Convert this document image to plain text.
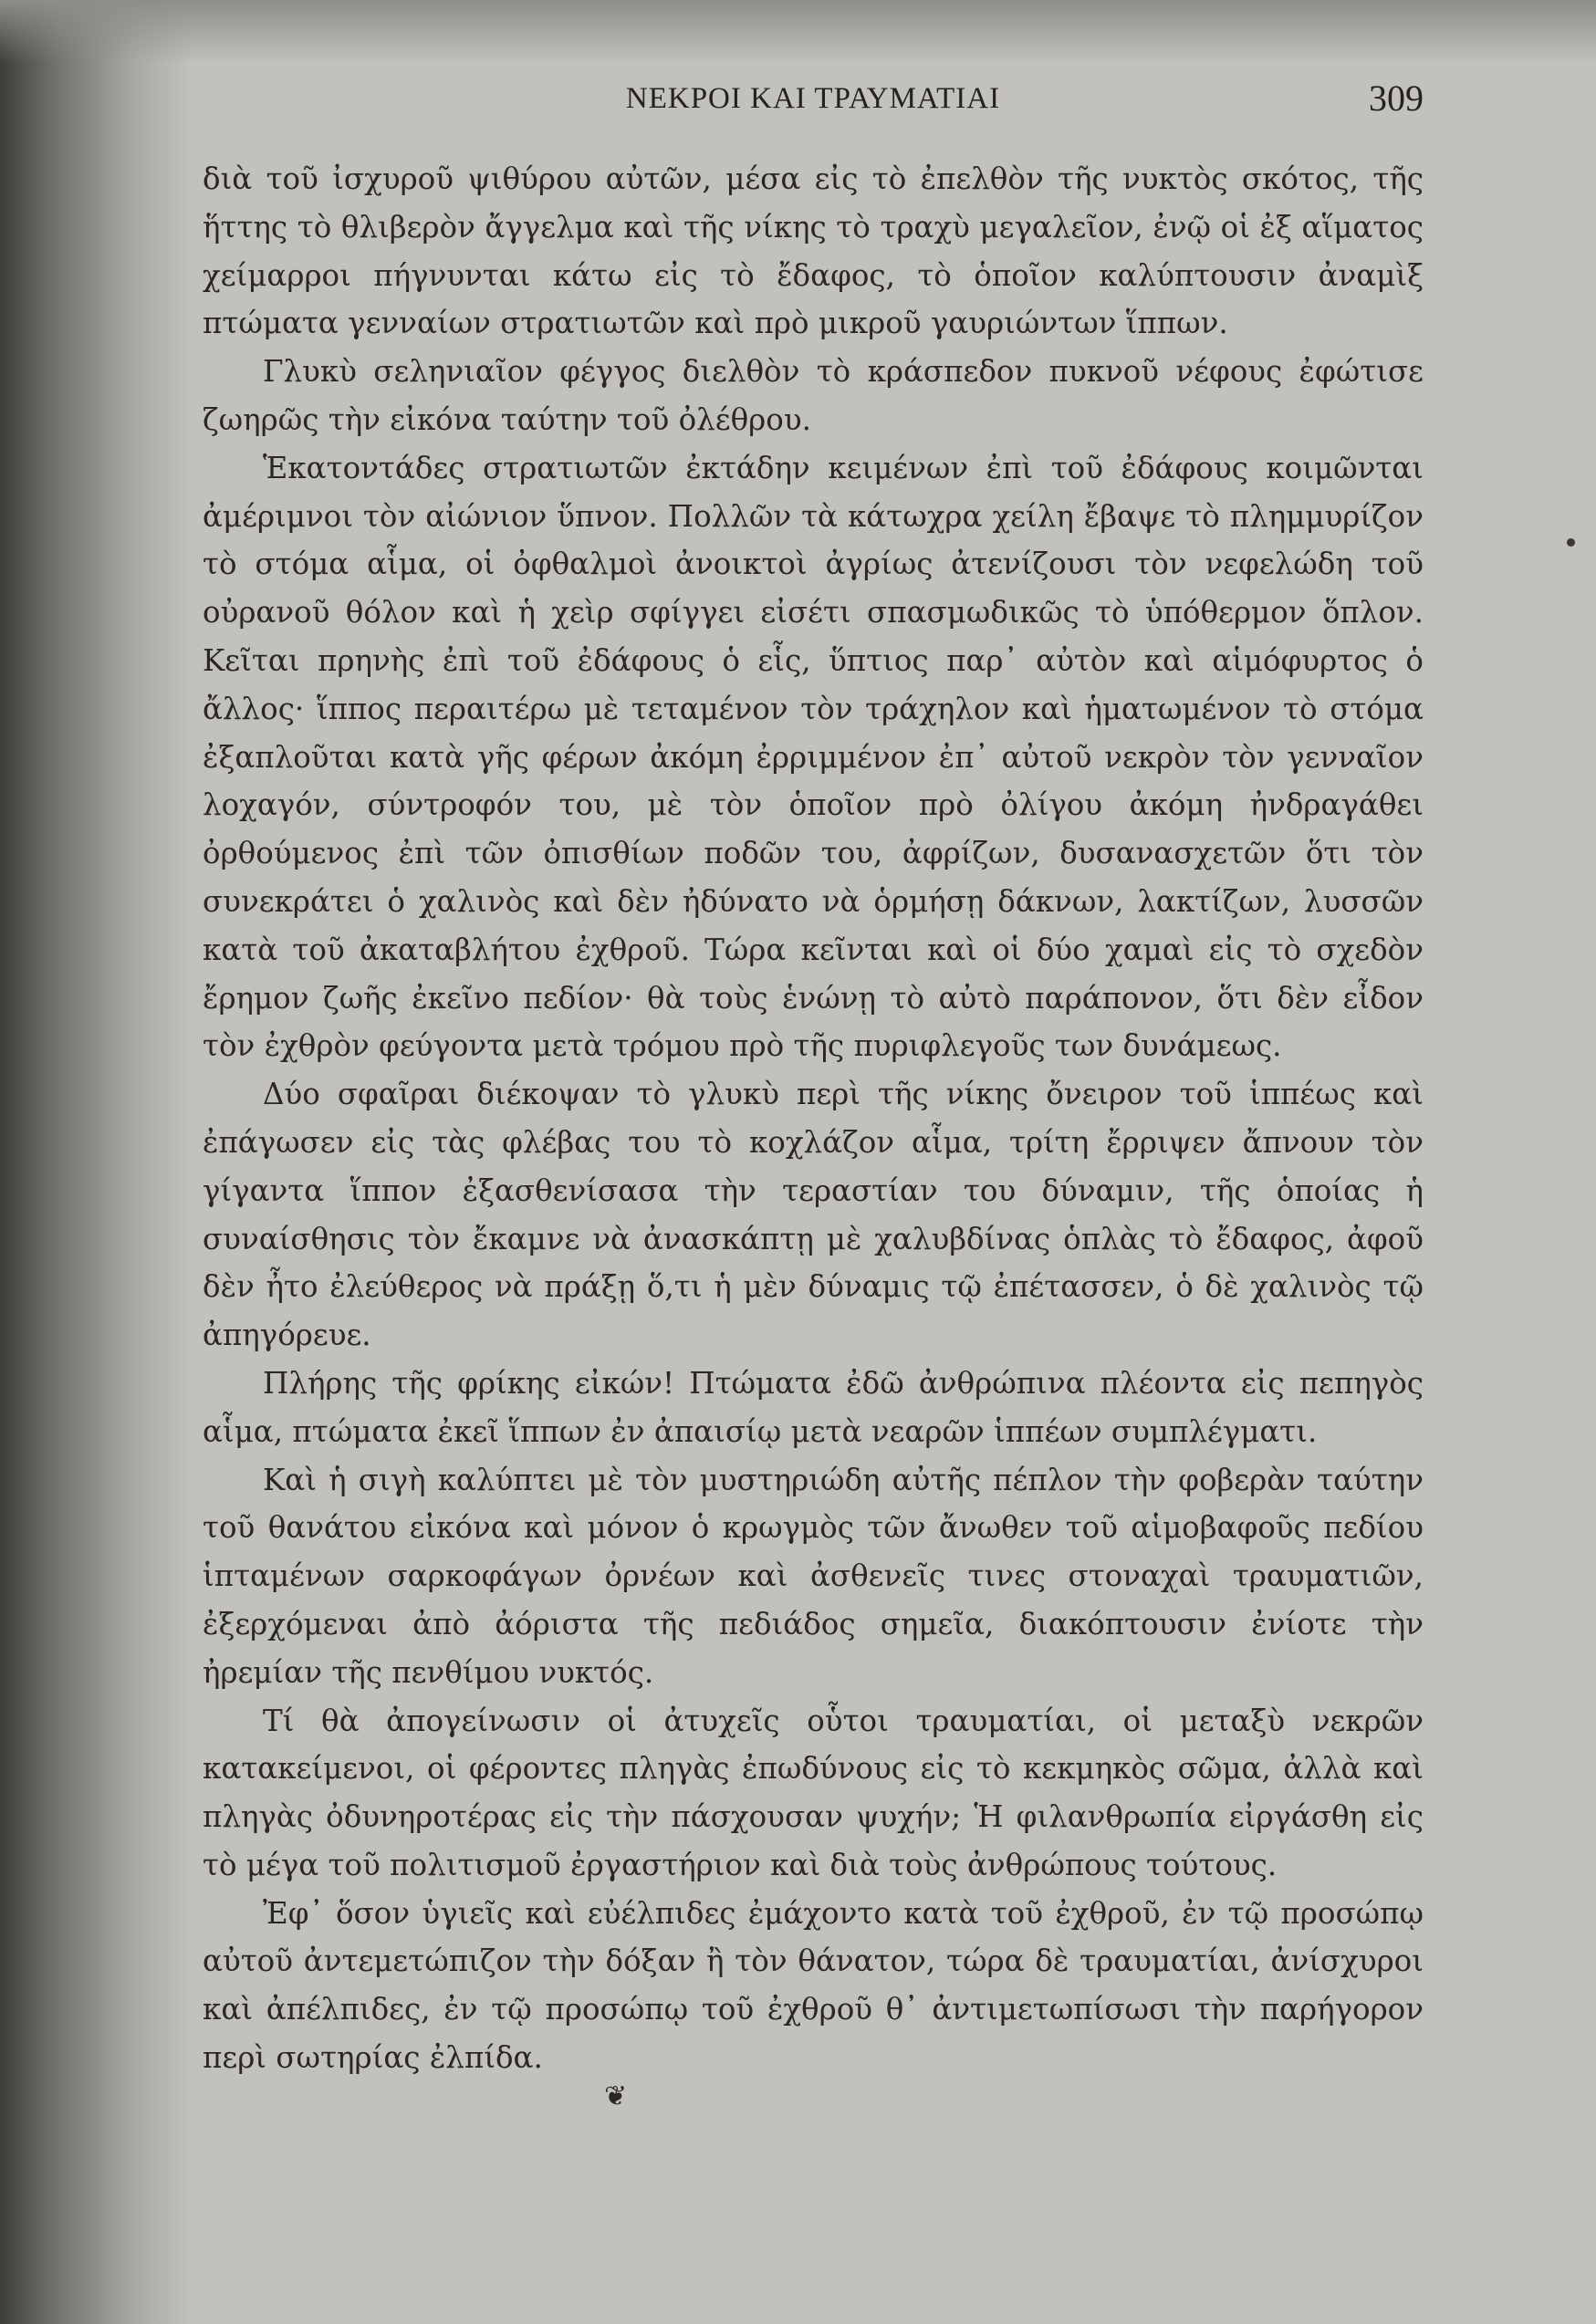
ΝΕΚΡΟΙ ΚΑΙ ΤΡΑΥΜΑΤΙΑΙ	309

διὰ τοῦ ἰσχυροῦ ψιθύρου αὐτῶν, μέσα εἰς τὸ ἐπελθὸν τῆς νυκτὸς σκότος, τῆς ἥττης τὸ θλιβερὸν ἄγγελμα καὶ τῆς νίκης τὸ τραχὺ μεγαλεῖον, ἐνῷ οἱ ἐξ αἵματος χείμαρροι πήγνυνται κάτω εἰς τὸ ἔδαφος, τὸ ὁποῖον καλύπτουσιν ἀναμὶξ πτώματα γενναίων στρατιωτῶν καὶ πρὸ μικροῦ γαυριώντων ἵππων.

Γλυκὺ σεληνιαῖον φέγγος διελθὸν τὸ κράσπεδον πυκνοῦ νέφους ἐφώτισε ζωηρῶς τὴν εἰκόνα ταύτην τοῦ ὀλέθρου.

Ἑκατοντάδες στρατιωτῶν ἐκτάδην κειμένων ἐπὶ τοῦ ἐδάφους κοιμῶνται ἀμέριμνοι τὸν αἰώνιον ὕπνον. Πολλῶν τὰ κάτωχρα χείλη ἔβαψε τὸ πλημμυρίζον τὸ στόμα αἷμα, οἱ ὀφθαλμοὶ ἀνοικτοὶ ἀγρίως ἀτενίζουσι τὸν νεφελώδη τοῦ οὐρανοῦ θόλον καὶ ἡ χεὶρ σφίγγει εἰσέτι σπασμωδικῶς τὸ ὑπόθερμον ὅπλον. Κεῖται πρηνὴς ἐπὶ τοῦ ἐδάφους ὁ εἷς, ὕπτιος παρ᾽ αὐτὸν καὶ αἱμόφυρτος ὁ ἄλλος· ἵππος περαιτέρω μὲ τεταμένον τὸν τράχηλον καὶ ἡματωμένον τὸ στόμα ἐξαπλοῦται κατὰ γῆς φέρων ἀκόμη ἐρριμμένον ἐπ᾽ αὐτοῦ νεκρὸν τὸν γενναῖον λοχαγόν, σύντροφόν του, μὲ τὸν ὁποῖον πρὸ ὀλίγου ἀκόμη ἠνδραγάθει ὀρθούμενος ἐπὶ τῶν ὀπισθίων ποδῶν του, ἀφρίζων, δυσανασχετῶν ὅτι τὸν συνεκράτει ὁ χαλινὸς καὶ δὲν ἠδύνατο νὰ ὁρμήσῃ δάκνων, λακτίζων, λυσσῶν κατὰ τοῦ ἀκαταβλήτου ἐχθροῦ. Τώρα κεῖνται καὶ οἱ δύο χαμαὶ εἰς τὸ σχεδὸν ἔρημον ζωῆς ἐκεῖνο πεδίον· θὰ τοὺς ἑνώνῃ τὸ αὐτὸ παράπονον, ὅτι δὲν εἶδον τὸν ἐχθρὸν φεύγοντα μετὰ τρόμου πρὸ τῆς πυριφλεγοῦς των δυνάμεως.

Δύο σφαῖραι διέκοψαν τὸ γλυκὺ περὶ τῆς νίκης ὄνειρον τοῦ ἱππέως καὶ ἐπάγωσεν εἰς τὰς φλέβας του τὸ κοχλάζον αἷμα, τρίτη ἔρριψεν ἄπνουν τὸν γίγαντα ἵππον ἐξασθενίσασα τὴν τεραστίαν του δύναμιν, τῆς ὁποίας ἡ συναίσθησις τὸν ἔκαμνε νὰ ἀνασκάπτῃ μὲ χαλυβδίνας ὁπλὰς τὸ ἔδαφος, ἀφοῦ δὲν ἦτο ἐλεύθερος νὰ πράξῃ ὅ,τι ἡ μὲν δύναμις τῷ ἐπέτασσεν, ὁ δὲ χαλινὸς τῷ ἀπηγόρευε.

Πλήρης τῆς φρίκης εἰκών! Πτώματα ἐδῶ ἀνθρώπινα πλέοντα εἰς πεπηγὸς αἷμα, πτώματα ἐκεῖ ἵππων ἐν ἀπαισίῳ μετὰ νεαρῶν ἱππέων συμπλέγματι.

Καὶ ἡ σιγὴ καλύπτει μὲ τὸν μυστηριώδη αὐτῆς πέπλον τὴν φοβερὰν ταύτην τοῦ θανάτου εἰκόνα καὶ μόνον ὁ κρωγμὸς τῶν ἄνωθεν τοῦ αἱμοβαφοῦς πεδίου ἱπταμένων σαρκοφάγων ὀρνέων καὶ ἀσθενεῖς τινες στοναχαὶ τραυματιῶν, ἐξερχόμεναι ἀπὸ ἀόριστα τῆς πεδιάδος σημεῖα, διακόπτουσιν ἐνίοτε τὴν ἠρεμίαν τῆς πενθίμου νυκτός.

Τί θὰ ἀπογείνωσιν οἱ ἀτυχεῖς οὗτοι τραυματίαι, οἱ μεταξὺ νεκρῶν κατακείμενοι, οἱ φέροντες πληγὰς ἐπωδύνους εἰς τὸ κεκμηκὸς σῶμα, ἀλλὰ καὶ πληγὰς ὀδυνηροτέρας εἰς τὴν πάσχουσαν ψυχήν; Ἡ φιλανθρωπία εἰργάσθη εἰς τὸ μέγα τοῦ πολιτισμοῦ ἐργαστήριον καὶ διὰ τοὺς ἀνθρώπους τούτους.

Ἐφ᾽ ὅσον ὑγιεῖς καὶ εὐέλπιδες ἐμάχοντο κατὰ τοῦ ἐχθροῦ, ἐν τῷ προσώπῳ αὐτοῦ ἀντεμετώπιζον τὴν δόξαν ἢ τὸν θάνατον, τώρα δὲ τραυματίαι, ἀνίσχυροι καὶ ἀπέλπιδες, ἐν τῷ προσώπῳ τοῦ ἐχθροῦ θ᾽ ἀντιμετωπίσωσι τὴν παρήγορον περὶ σωτηρίας ἐλπίδα.

❦
